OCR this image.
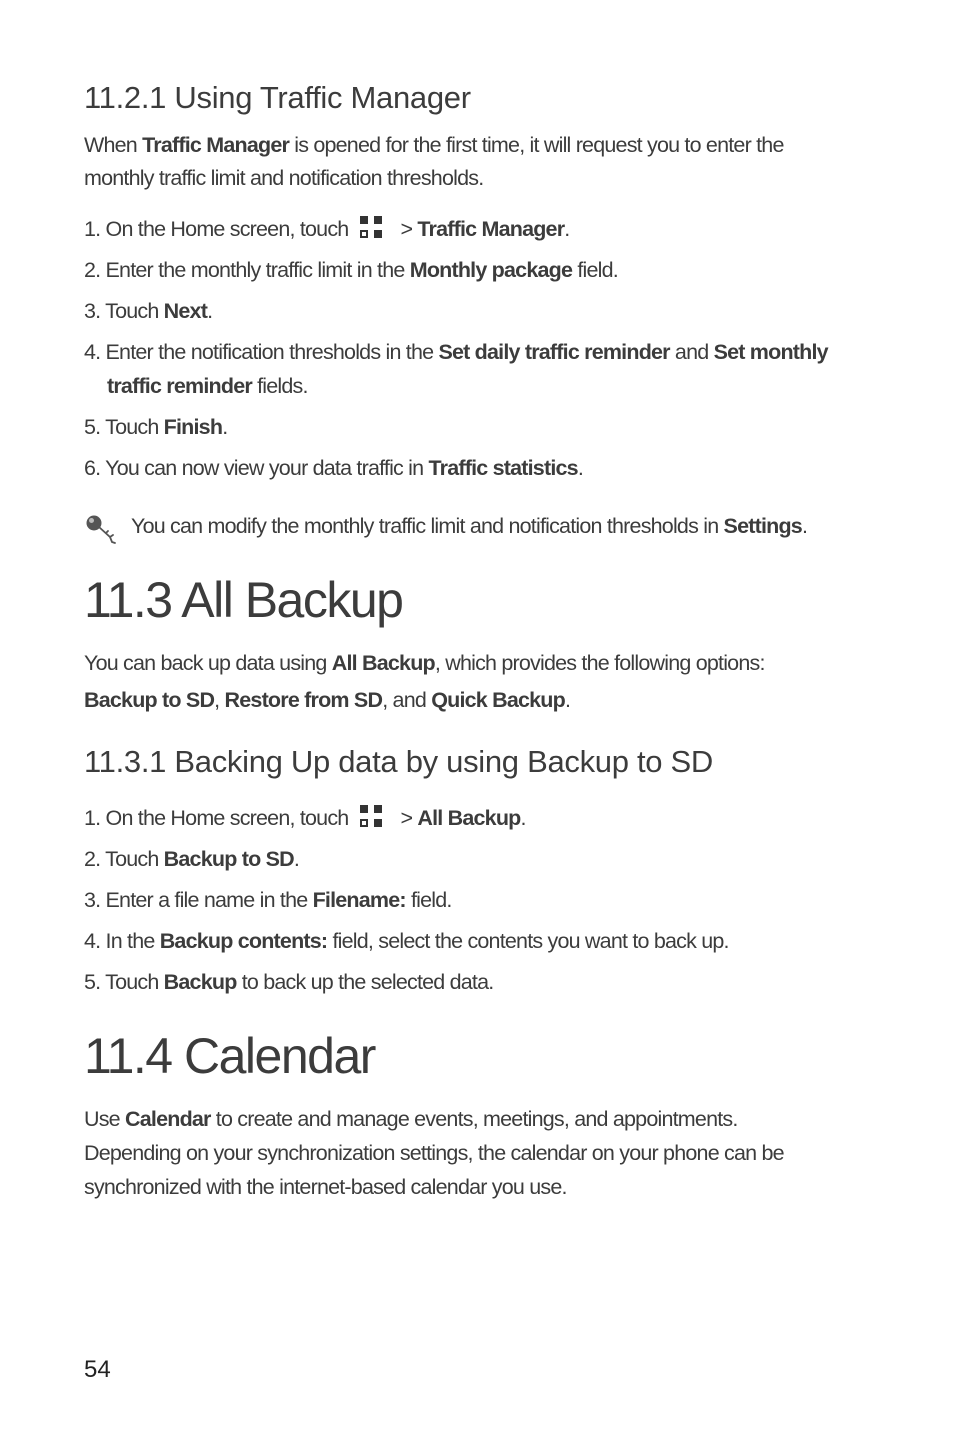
11.2.1 Using Traffic Manager
When Traffic Manager is opened for the first time, it will request you to enter the
monthly traffic limit and notification thresholds.
1. On the Home screen, touch > Traffic Manager.
2. Enter the monthly traffic limit in the Monthly package field.
3. Touch Next.
4. Enter the notification thresholds in the Set daily traffic reminder and Set monthly
traffic reminder fields.
5. Touch Finish.
6. You can now view your data traffic in Traffic statistics.
You can modify the monthly traffic limit and notification thresholds in Settings.
11.3 All Backup
You can back up data using All Backup, which provides the following options:
Backup to SD, Restore from SD, and Quick Backup.
11.3.1 Backing Up data by using Backup to SD
1. On the Home screen, touch > All Backup.
2. Touch Backup to SD.
3. Enter a file name in the Filename: field.
4. In the Backup contents: field, select the contents you want to back up.
5. Touch Backup to back up the selected data.
11.4 Calendar
Use Calendar to create and manage events, meetings, and appointments.
Depending on your synchronization settings, the calendar on your phone can be
synchronized with the internet-based calendar you use.
54
